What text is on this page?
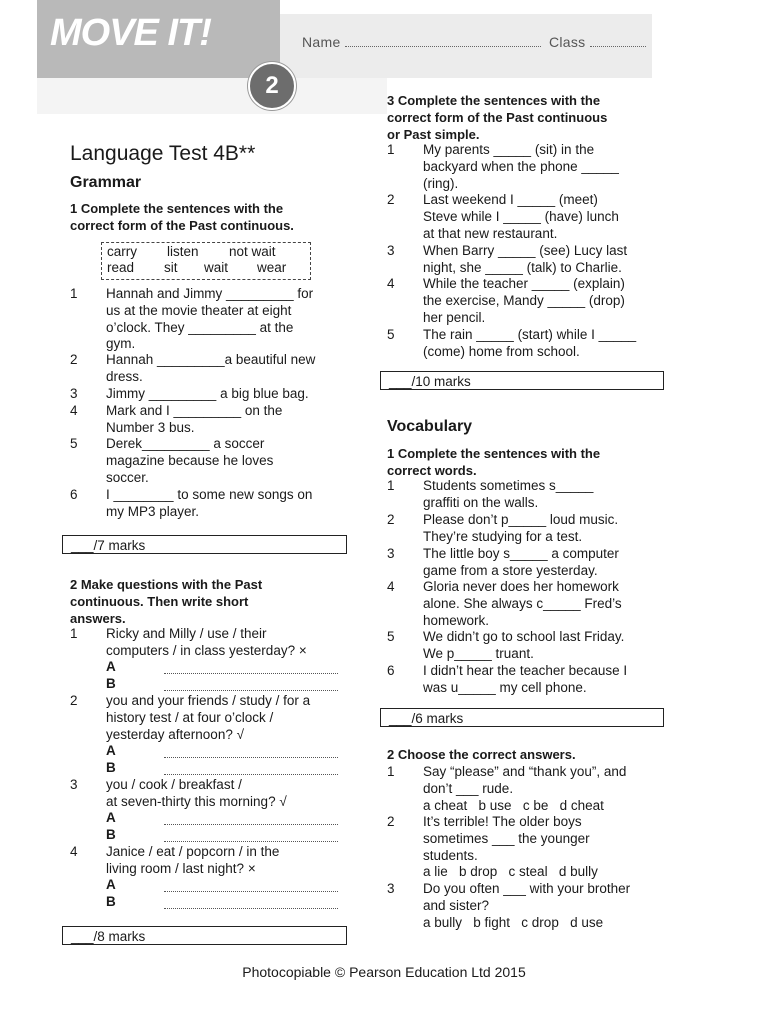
MOVE IT!
2
Name	Class
Language Test 4B**
Grammar
1 Complete the sentences with the
correct form of the Past continuous.
carry listen not wait
read sit wait wear
1 Hannah and Jimmy _________ for
us at the movie theater at eight
o’clock. They _________ at the
gym.
2 Hannah _________a beautiful new
dress.
3 Jimmy _________ a big blue bag.
4 Mark and I _________ on the
Number 3 bus.
5 Derek_________ a soccer
magazine because he loves
soccer.
6 I ________ to some new songs on
my MP3 player.
___/7 marks
2 Make questions with the Past
continuous. Then write short
answers.
1 Ricky and Milly / use / their
computers / in class yesterday? ×
A
B
2 you and your friends / study / for a
history test / at four o’clock /
yesterday afternoon? √
A
B
3 you / cook / breakfast /
at seven-thirty this morning? √
A
B
4 Janice / eat / popcorn / in the
living room / last night? ×
A
B
___/8 marks
3 Complete the sentences with the
correct form of the Past continuous
or Past simple.
1 My parents _____ (sit) in the
backyard when the phone _____
(ring).
2 Last weekend I _____ (meet)
Steve while I _____ (have) lunch
at that new restaurant.
3 When Barry _____ (see) Lucy last
night, she _____ (talk) to Charlie.
4 While the teacher _____ (explain)
the exercise, Mandy _____ (drop)
her pencil.
5 The rain _____ (start) while I _____
(come) home from school.
___/10 marks
Vocabulary
1 Complete the sentences with the
correct words.
1 Students sometimes s_____
graffiti on the walls.
2 Please don’t p_____ loud music.
They’re studying for a test.
3 The little boy s_____ a computer
game from a store yesterday.
4 Gloria never does her homework
alone. She always c_____ Fred’s
homework.
5 We didn’t go to school last Friday.
We p_____ truant.
6 I didn’t hear the teacher because I
was u_____ my cell phone.
___/6 marks
2 Choose the correct answers.
1 Say “please” and “thank you”, and
don’t ___ rude.
a cheat   b use   c be   d cheat
2 It’s terrible! The older boys
sometimes ___ the younger
students.
a lie   b drop   c steal   d bully
3 Do you often ___ with your brother
and sister?
a bully   b fight   c drop   d use
Photocopiable © Pearson Education Ltd 2015
